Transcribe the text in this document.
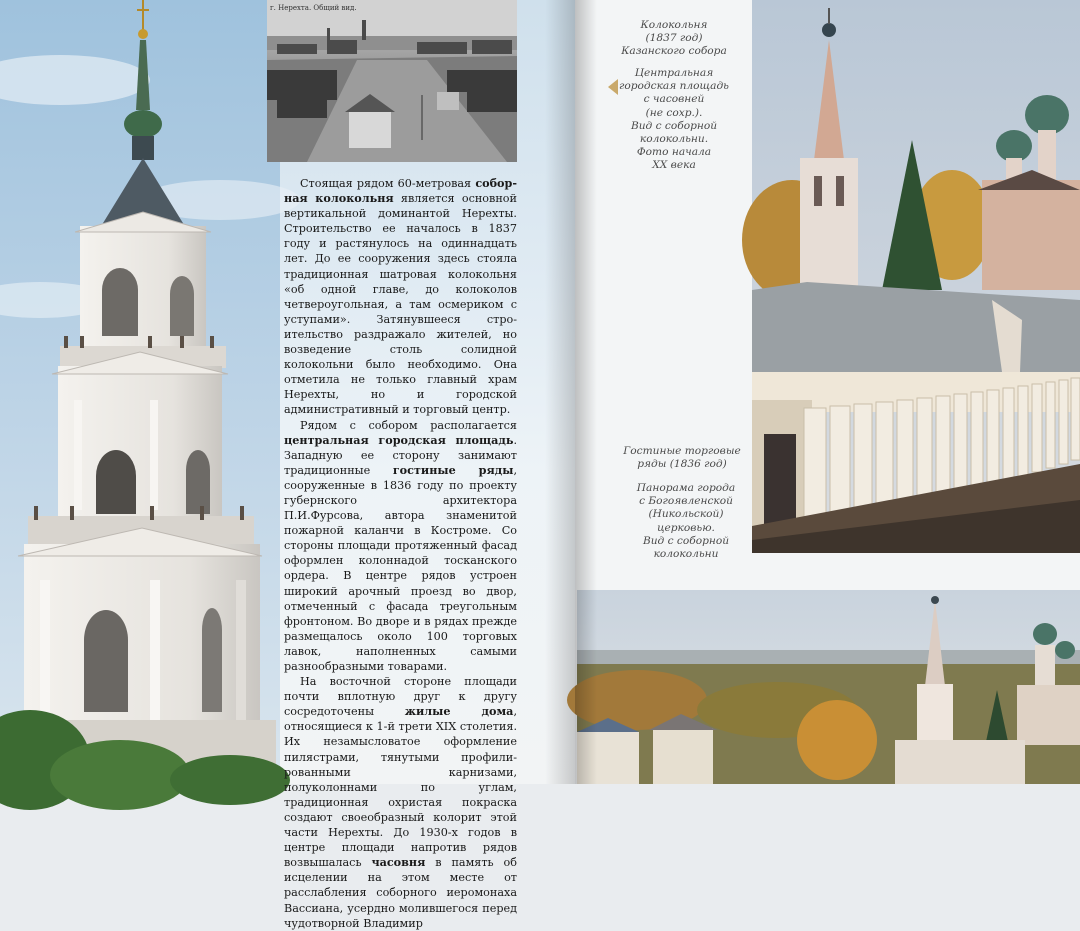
г. Нерехта. Общий вид.

Стоящая рядом 60-метровая соборная колокольня является основной вертикальной доминантой Нерехты. Строительство ее началось в 1837 году и растянулось на одиннадцать лет. До ее сооружения здесь стояла традиционная шатровая колокольня «об одной главе, до колоколов четвероугольная, а там осмериком с уступами». Затянувшееся строительство раздражало жителей, но возведение столь солидной колокольни было необходимо. Она отметила не только главный храм Нерехты, но и городской административный и торговый центр.

Рядом с собором располагается центральная городская площадь. Западную ее сторону занимают традиционные гостиные ряды, сооруженные в 1836 году по проекту губернского архитектора П.И.Фурсова, автора знаменитой пожарной каланчи в Костроме. Со стороны площади протяженный фасад оформлен колоннадой тосканского ордера. В центре рядов устроен широкий арочный проезд во двор, отмеченный с фасада треугольным фронтоном. Во дворе и в рядах прежде размещалось около 100 торговых лавок, наполненных самыми разнообразными товарами.

На восточной стороне площади почти вплотную друг к другу сосредоточены жилые дома, относящиеся к 1-й трети XIX столетия. Их незамысловатое оформление пилястрами, тянутыми профилированными карнизами, полуколоннами по углам, традиционная охристая покраска создают своеобразный колорит этой части Нерехты. До 1930-х годов в центре площади напротив рядов возвышалась часовня в память об исцелении на этом месте от расслабления соборного иеромонаха Вассиана, усердно молившегося перед чудотворной Владимир

Колокольня
(1837 год)
Казанского собора
Центральная
городская площадь
с часовней
(не сохр.).
Вид с соборной
колокольни.
Фото начала
XX века
Гостиные торговые
ряды (1836 год)
Панорама города
с Богоявленской
(Никольской)
церковью.
Вид с соборной
колокольни
